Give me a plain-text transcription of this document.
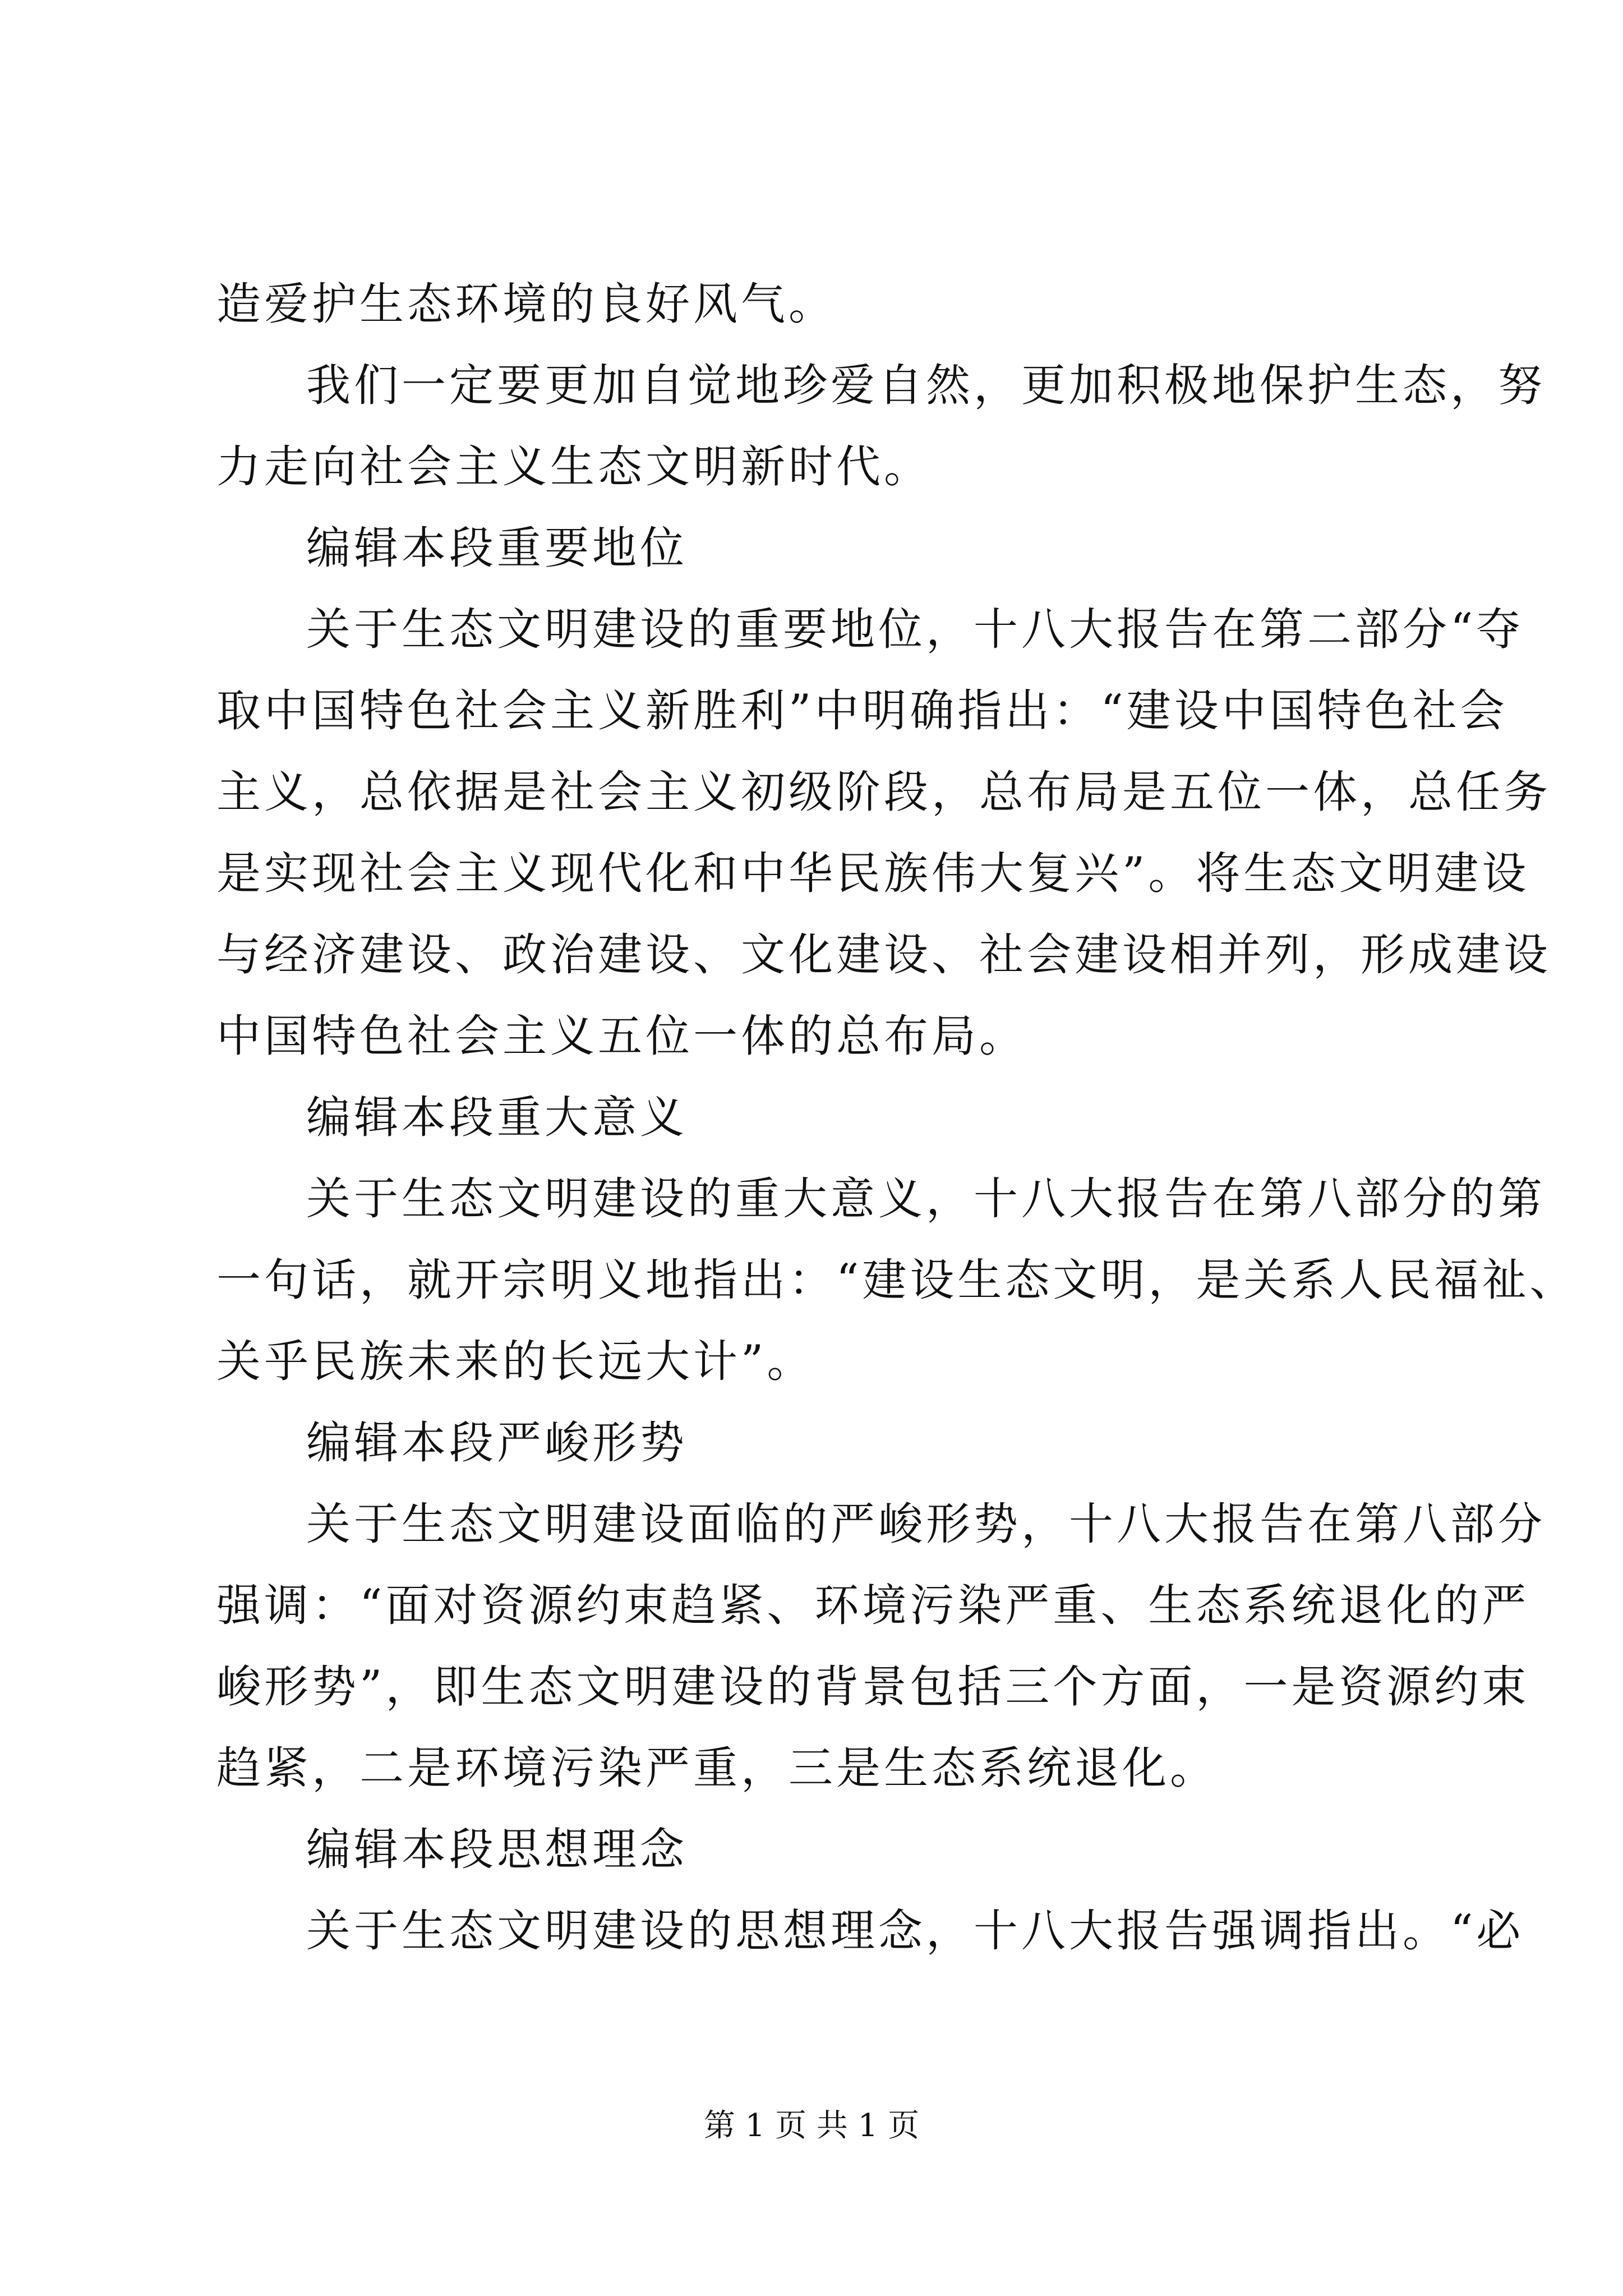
造爱护生态环境的良好风气。
我们一定要更加自觉地珍爱自然，更加积极地保护生态，努
力走向社会主义生态文明新时代。
编辑本段重要地位
关于生态文明建设的重要地位，十八大报告在第二部分“夺
取中国特色社会主义新胜利”中明确指出：“建设中国特色社会
主义，总依据是社会主义初级阶段，总布局是五位一体，总任务
是实现社会主义现代化和中华民族伟大复兴”。将生态文明建设
与经济建设、政治建设、文化建设、社会建设相并列，形成建设
中国特色社会主义五位一体的总布局。
编辑本段重大意义
关于生态文明建设的重大意义，十八大报告在第八部分的第
一句话，就开宗明义地指出：“建设生态文明，是关系人民福祉、
关乎民族未来的长远大计”。
编辑本段严峻形势
关于生态文明建设面临的严峻形势，十八大报告在第八部分
强调：“面对资源约束趋紧、环境污染严重、生态系统退化的严
峻形势”，即生态文明建设的背景包括三个方面，一是资源约束
趋紧，二是环境污染严重，三是生态系统退化。
编辑本段思想理念
关于生态文明建设的思想理念，十八大报告强调指出。“必
第 1 页 共 1 页
